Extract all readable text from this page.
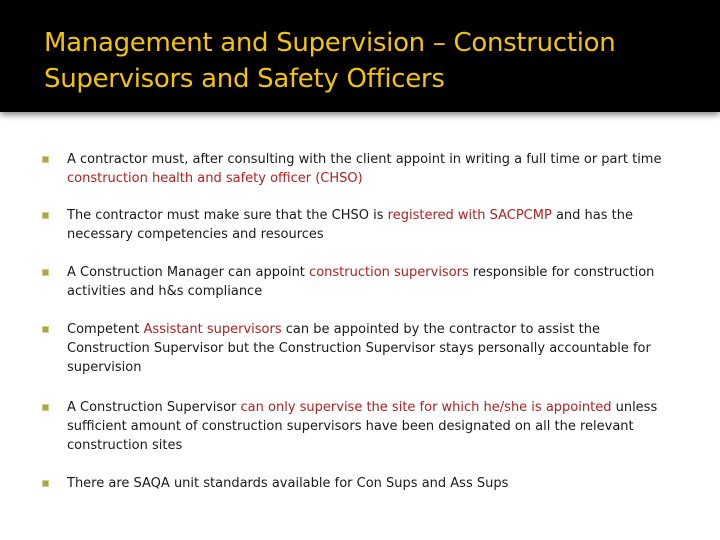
Management and Supervision – Construction Supervisors and Safety Officers
A contractor must, after consulting with the client appoint in writing a full time or part time construction health and safety officer (CHSO)
The contractor must make sure that the CHSO is registered with SACPCMP and has the necessary competencies and resources
A Construction Manager can appoint construction supervisors responsible for construction activities and h&s compliance
Competent Assistant supervisors can be appointed by the contractor to assist the Construction Supervisor but the Construction Supervisor stays personally accountable for supervision
A Construction Supervisor can only supervise the site for which he/she is appointed unless sufficient amount of construction supervisors have been designated on all the relevant construction sites
There are SAQA unit standards available for Con Sups and Ass Sups
